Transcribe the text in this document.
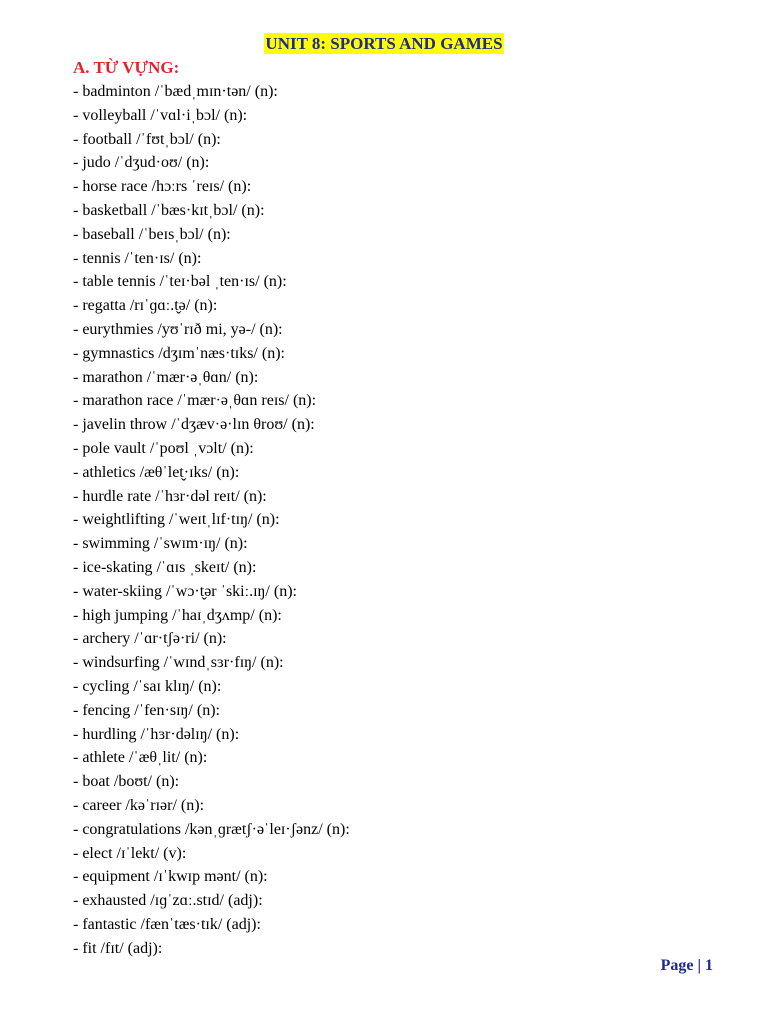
UNIT 8: SPORTS AND GAMES
A. TỪ VỰNG:
- badminton /ˈbædˌmɪn·tən/ (n):
- volleyball /ˈvɑl·iˌbɔl/ (n):
- football /ˈfʊtˌbɔl/ (n):
- judo /ˈdʒud·oʊ/ (n):
- horse race /hɔːrs ˈreɪs/ (n):
- basketball /ˈbæs·kɪtˌbɔl/ (n):
- baseball /ˈbeɪsˌbɔl/ (n):
- tennis /ˈten·ɪs/ (n):
- table tennis /ˈteɪ·bəl ˌten·ɪs/ (n):
- regatta /rɪˈɡɑː.t̬ə/ (n):
- eurythmies /yʊˈrɪð mi, yə-/ (n):
- gymnastics /dʒɪmˈnæs·tɪks/ (n):
- marathon /ˈmær·əˌθɑn/ (n):
- marathon race /ˈmær·əˌθɑn reɪs/ (n):
- javelin throw /ˈdʒæv·ə·lɪn θroʊ/ (n):
- pole vault /ˈpoʊl ˌvɔlt/ (n):
- athletics /æθˈlet̬·ɪks/ (n):
- hurdle rate /ˈhɜr·dəl reɪt/ (n):
- weightlifting /ˈweɪtˌlɪf·tɪŋ/ (n):
- swimming /ˈswɪm·ɪŋ/ (n):
- ice-skating /ˈɑɪs ˌskeɪt/ (n):
- water-skiing /ˈwɔ·t̬ər ˈskiː.ɪŋ/ (n):
- high jumping /ˈhaɪˌdʒʌmp/ (n):
- archery /ˈɑr·tʃə·ri/ (n):
- windsurfing /ˈwɪndˌsɜr·fɪŋ/ (n):
- cycling /ˈsaɪ klɪŋ/ (n):
- fencing /ˈfen·sɪŋ/ (n):
- hurdling /ˈhɜr·dəlɪŋ/ (n):
- athlete /ˈæθˌlit/ (n):
- boat /boʊt/ (n):
- career /kəˈrɪər/ (n):
- congratulations /kənˌɡrætʃ·əˈleɪ·ʃənz/ (n):
- elect /ɪˈlekt/ (v):
- equipment /ɪˈkwɪp mənt/ (n):
- exhausted /ɪɡˈzɑː.stɪd/ (adj):
- fantastic /fænˈtæs·tɪk/ (adj):
- fit /fɪt/ (adj):
Page | 1
